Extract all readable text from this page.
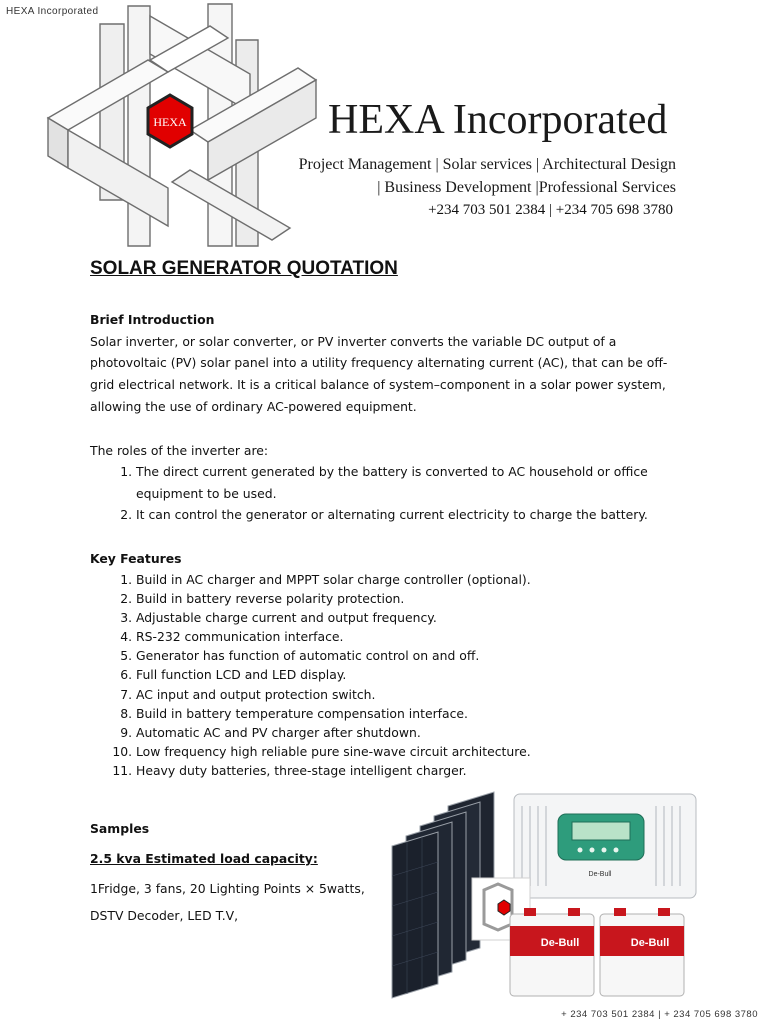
HEXA Incorporated
HEXA	HEXA Incorporated
Project Management | Solar services | Architectural Design
| Business Development |Professional Services
+234 703 501 2384 | +234 705 698 3780
SOLAR GENERATOR QUOTATION
Brief Introduction
Solar inverter, or solar converter, or PV inverter converts the variable DC output of a photovoltaic (PV) solar panel into a utility frequency alternating current (AC), that can be off-grid electrical network. It is a critical balance of system–component in a solar power system, allowing the use of ordinary AC-powered equipment.
The roles of the inverter are:
1. The direct current generated by the battery is converted to AC household or office equipment to be used.
2. It can control the generator or alternating current electricity to charge the battery.
Key Features
1. Build in AC charger and MPPT solar charge controller (optional).
2. Build in battery reverse polarity protection.
3. Adjustable charge current and output frequency.
4. RS-232 communication interface.
5. Generator has function of automatic control on and off.
6. Full function LCD and LED display.
7. AC input and output protection switch.
8. Build in battery temperature compensation interface.
9. Automatic AC and PV charger after shutdown.
10. Low frequency high reliable pure sine-wave circuit architecture.
11. Heavy duty batteries, three-stage intelligent charger.
Samples
2.5 kva Estimated load capacity:
1Fridge, 3 fans, 20 Lighting Points × 5watts,
DSTV Decoder, LED T.V,
De-Bull
De-Bull	De-Bull
+ 234 703 501 2384 | + 234 705 698 3780
